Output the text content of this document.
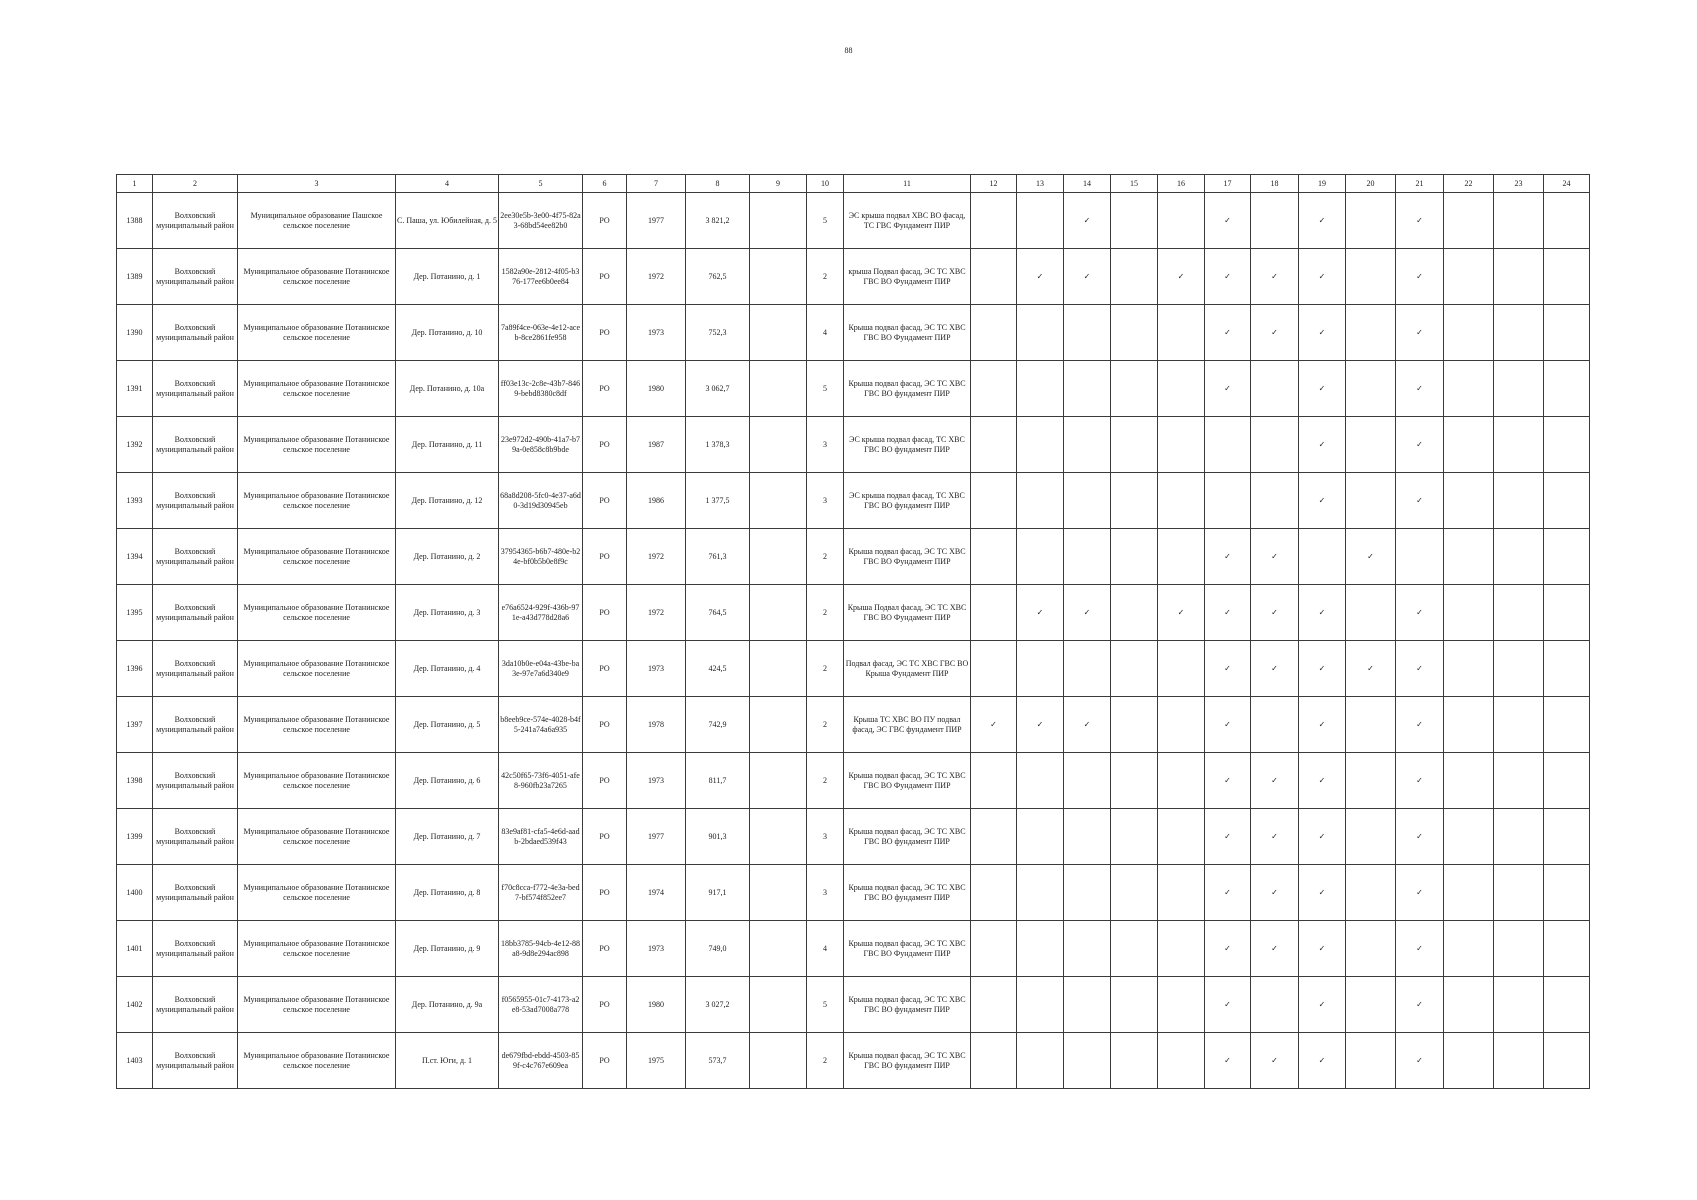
88
1	2	3	4	5	6	7	8	9	10	11	12	13	14	15	16	17	18	19	20	21	22	23	24
1388	Волховский муниципальный район	Муниципальное образование Пашское сельское поселение	С. Паша, ул. Юбилейная, д. 5	2ee30e5b-3e00-4f75-82a3-68bd54ee82b0	РО	1977	3 821,2		5	ЭС крыша подвал ХВС ВО фасад, ТС ГВС Фундамент ПИР			✓			✓		✓		✓			
1389	Волховский муниципальный район	Муниципальное образование Потанинское сельское поселение	Дер. Потанино, д. 1	1582a90e-2812-4f05-b376-177ee6b0ee84	РО	1972	762,5		2	крыша Подвал фасад, ЭС ТС ХВС ГВС ВО Фундамент ПИР		✓	✓		✓	✓	✓	✓		✓			
1390	Волховский муниципальный район	Муниципальное образование Потанинское сельское поселение	Дер. Потанино, д. 10	7a89f4ce-063e-4e12-aceb-8ce2861fe958	РО	1973	752,3		4	Крыша подвал фасад, ЭС ТС ХВС ГВС ВО Фундамент ПИР						✓	✓	✓		✓			
1391	Волховский муниципальный район	Муниципальное образование Потанинское сельское поселение	Дер. Потанино, д. 10а	ff03e13c-2c8e-43b7-8469-bebd8380c8df	РО	1980	3 062,7		5	Крыша подвал фасад, ЭС ТС ХВС ГВС ВО фундамент ПИР						✓		✓		✓			
1392	Волховский муниципальный район	Муниципальное образование Потанинское сельское поселение	Дер. Потанино, д. 11	23e972d2-490b-41a7-b79a-0e858c8b9bde	РО	1987	1 378,3		3	ЭС крыша подвал фасад, ТС ХВС ГВС ВО фундамент ПИР								✓		✓			
1393	Волховский муниципальный район	Муниципальное образование Потанинское сельское поселение	Дер. Потанино, д. 12	68a8d208-5fc0-4e37-a6d0-3d19d30945eb	РО	1986	1 377,5		3	ЭС крыша подвал фасад, ТС ХВС ГВС ВО фундамент ПИР								✓		✓			
1394	Волховский муниципальный район	Муниципальное образование Потанинское сельское поселение	Дер. Потанино, д. 2	37954365-b6b7-480e-b24e-bf0b5b0e8f9c	РО	1972	761,3		2	Крыша подвал фасад, ЭС ТС ХВС ГВС ВО Фундамент ПИР						✓	✓		✓				
1395	Волховский муниципальный район	Муниципальное образование Потанинское сельское поселение	Дер. Потанино, д. 3	e76a6524-929f-436b-971e-a43d778d28a6	РО	1972	764,5		2	Крыша Подвал фасад, ЭС ТС ХВС ГВС ВО Фундамент ПИР		✓	✓		✓	✓	✓	✓		✓			
1396	Волховский муниципальный район	Муниципальное образование Потанинское сельское поселение	Дер. Потанино, д. 4	3da10b0e-e04a-43be-ba3e-97e7a6d340e9	РО	1973	424,5		2	Подвал фасад, ЭС ТС ХВС ГВС ВО Крыша Фундамент ПИР						✓	✓	✓	✓	✓			
1397	Волховский муниципальный район	Муниципальное образование Потанинское сельское поселение	Дер. Потанино, д. 5	b8eeb9ce-574e-4028-b4f5-241a74a6a935	РО	1978	742,9		2	Крыша ТС ХВС ВО ПУ подвал фасад, ЭС ГВС фундамент ПИР	✓	✓	✓			✓		✓		✓			
1398	Волховский муниципальный район	Муниципальное образование Потанинское сельское поселение	Дер. Потанино, д. 6	42c50f65-73f6-4051-afe8-960fb23a7265	РО	1973	811,7		2	Крыша подвал фасад, ЭС ТС ХВС ГВС ВО Фундамент ПИР						✓	✓	✓		✓			
1399	Волховский муниципальный район	Муниципальное образование Потанинское сельское поселение	Дер. Потанино, д. 7	83e9af81-cfa5-4e6d-aadb-2bdaed539f43	РО	1977	901,3		3	Крыша подвал фасад, ЭС ТС ХВС ГВС ВО фундамент ПИР						✓	✓	✓		✓			
1400	Волховский муниципальный район	Муниципальное образование Потанинское сельское поселение	Дер. Потанино, д. 8	f70c8cca-f772-4e3a-bed7-bf574f852ee7	РО	1974	917,1		3	Крыша подвал фасад, ЭС ТС ХВС ГВС ВО фундамент ПИР						✓	✓	✓		✓			
1401	Волховский муниципальный район	Муниципальное образование Потанинское сельское поселение	Дер. Потанино, д. 9	18bb3785-94cb-4e12-88a8-9d8e294ac898	РО	1973	749,0		4	Крыша подвал фасад, ЭС ТС ХВС ГВС ВО Фундамент ПИР						✓	✓	✓		✓			
1402	Волховский муниципальный район	Муниципальное образование Потанинское сельское поселение	Дер. Потанино, д. 9а	f0565955-01c7-4173-a2e8-53ad7008a778	РО	1980	3 027,2		5	Крыша подвал фасад, ЭС ТС ХВС ГВС ВО фундамент ПИР						✓		✓		✓			
1403	Волховский муниципальный район	Муниципальное образование Потанинское сельское поселение	П.ст. Юги, д. 1	de679fbd-ebdd-4503-859f-c4c767e609ea	РО	1975	573,7		2	Крыша подвал фасад, ЭС ТС ХВС ГВС ВО фундамент ПИР						✓	✓	✓		✓			
